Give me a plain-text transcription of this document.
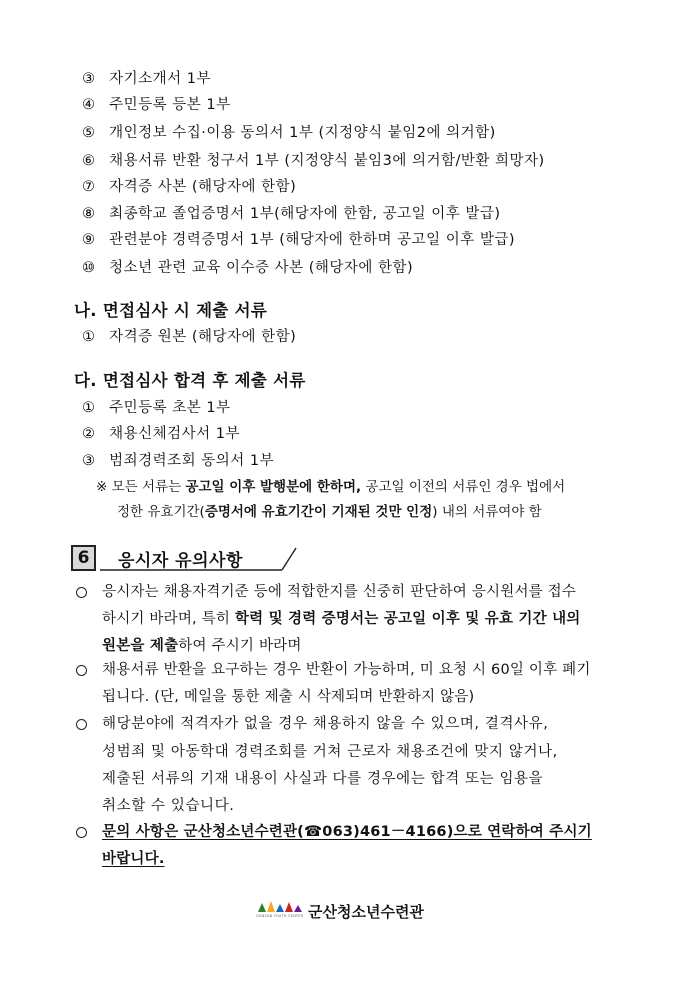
③ 자기소개서 1부
④ 주민등록 등본 1부
⑤ 개인정보 수집·이용 동의서 1부 (지정양식 붙임2에 의거함)
⑥ 채용서류 반환 청구서 1부 (지정양식 붙임3에 의거함/반환 희망자)
⑦ 자격증 사본 (해당자에 한함)
⑧ 최종학교 졸업증명서 1부(해당자에 한함, 공고일 이후 발급)
⑨ 관련분야 경력증명서 1부 (해당자에 한하며 공고일 이후 발급)
⑩ 청소년 관련 교육 이수증 사본 (해당자에 한함)
나. 면접심사 시 제출 서류
① 자격증 원본 (해당자에 한함)
다. 면접심사 합격 후 제출 서류
① 주민등록 초본 1부
② 채용신체검사서 1부
③ 범죄경력조회 동의서 1부
※ 모든 서류는 공고일 이후 발행분에 한하며, 공고일 이전의 서류인 경우 법에서
정한 유효기간(증명서에 유효기간이 기재된 것만 인정) 내의 서류여야 함
6	응시자 유의사항
응시자는 채용자격기준 등에 적합한지를 신중히 판단하여 응시원서를 접수
하시기 바라며, 특히 학력 및 경력 증명서는 공고일 이후 및 유효 기간 내의
원본을 제출하여 주시기 바라며
채용서류 반환을 요구하는 경우 반환이 가능하며, 미 요청 시 60일 이후 폐기
됩니다. (단, 메일을 통한 제출 시 삭제되며 반환하지 않음)
해당분야에 적격자가 없을 경우 채용하지 않을 수 있으며, 결격사유,
성범죄 및 아동학대 경력조회를 거쳐 근로자 채용조건에 맞지 않거나,
제출된 서류의 기재 내용이 사실과 다를 경우에는 합격 또는 임용을
취소할 수 있습니다.
문의 사항은 군산청소년수련관(☎063)461－4166)으로 연락하여 주시기
바랍니다.
GUNSAN YOUTH CENTER 군산청소년수련관
